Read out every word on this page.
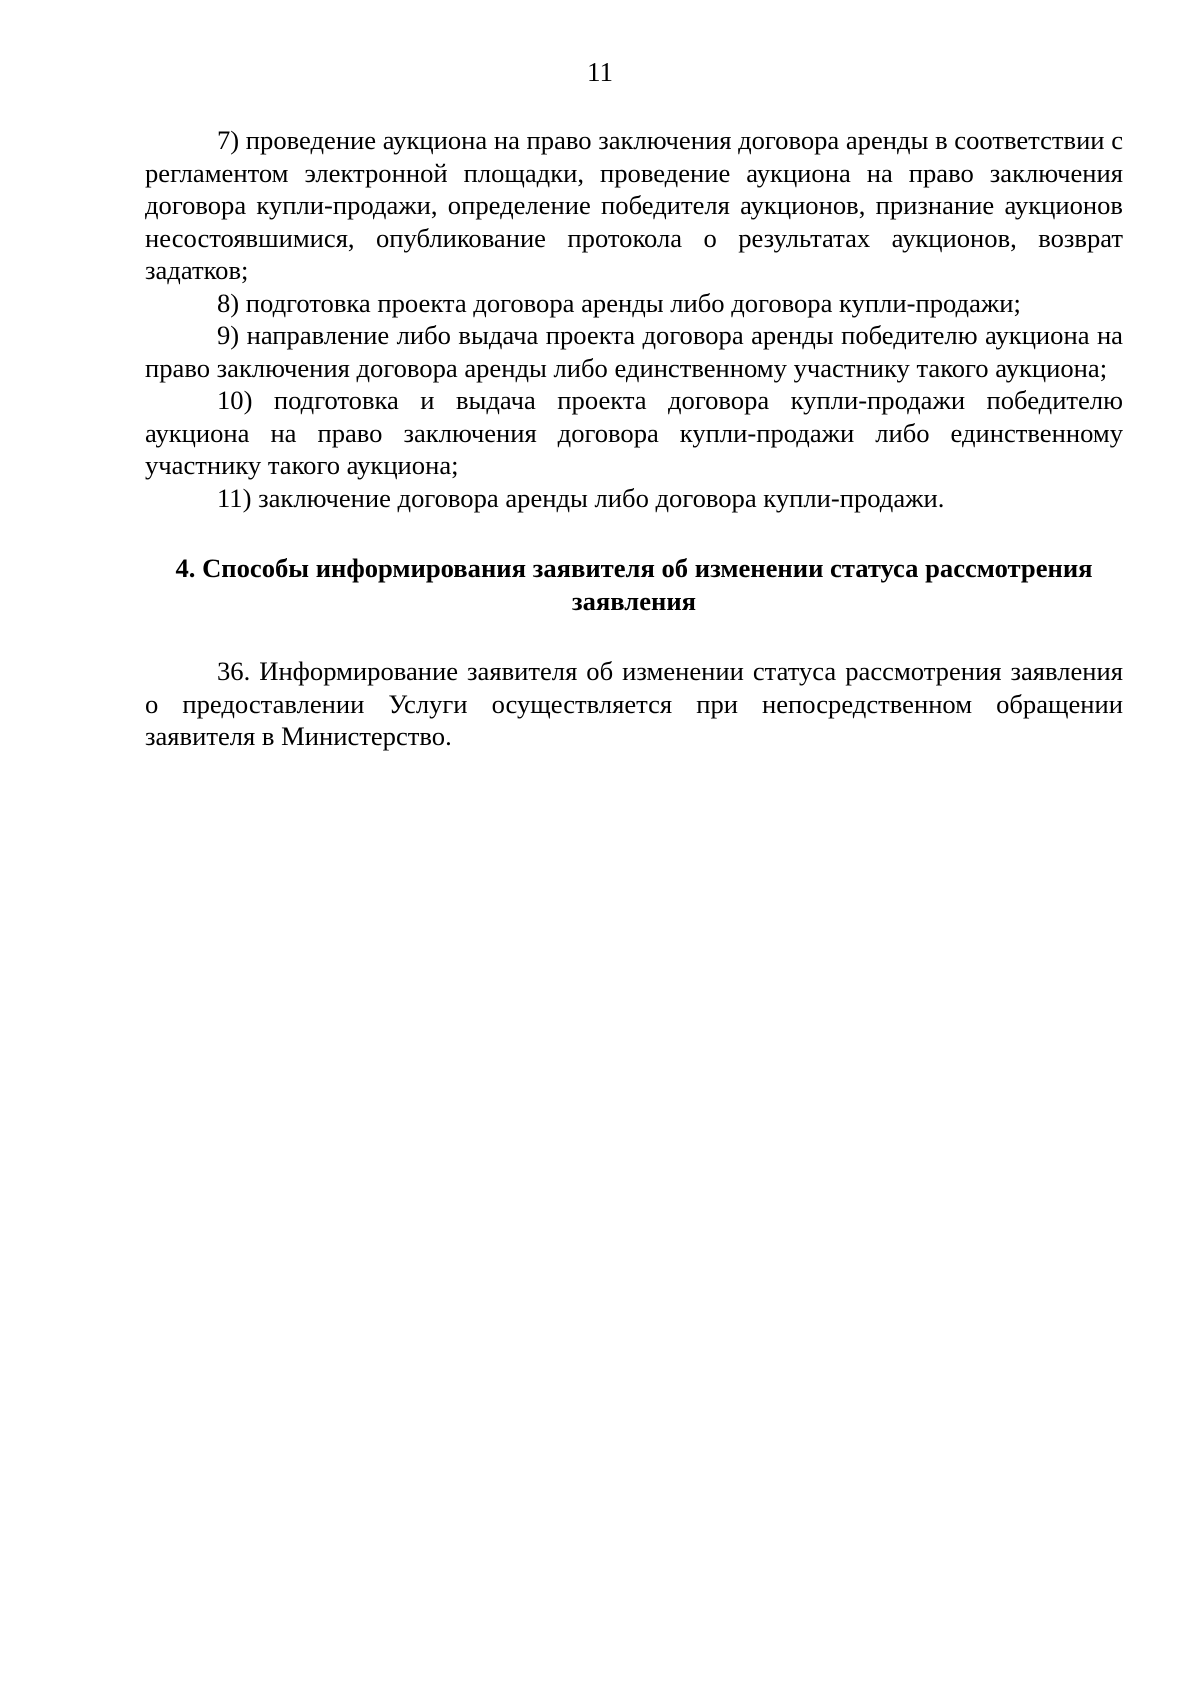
11

7) проведение аукциона на право заключения договора аренды в соответствии с регламентом электронной площадки, проведение аукциона на право заключения договора купли-продажи, определение победителя аукционов, признание аукционов несостоявшимися, опубликование протокола о результатах аукционов, возврат задатков;

8) подготовка проекта договора аренды либо договора купли-продажи;

9) направление либо выдача проекта договора аренды победителю аукциона на право заключения договора аренды либо единственному участнику такого аукциона;

10) подготовка и выдача проекта договора купли-продажи победителю аукциона на право заключения договора купли-продажи либо единственному участнику такого аукциона;

11) заключение договора аренды либо договора купли-продажи.

4. Способы информирования заявителя об изменении статуса рассмотрения заявления

36. Информирование заявителя об изменении статуса рассмотрения заявления о предоставлении Услуги осуществляется при непосредственном обращении заявителя в Министерство.
